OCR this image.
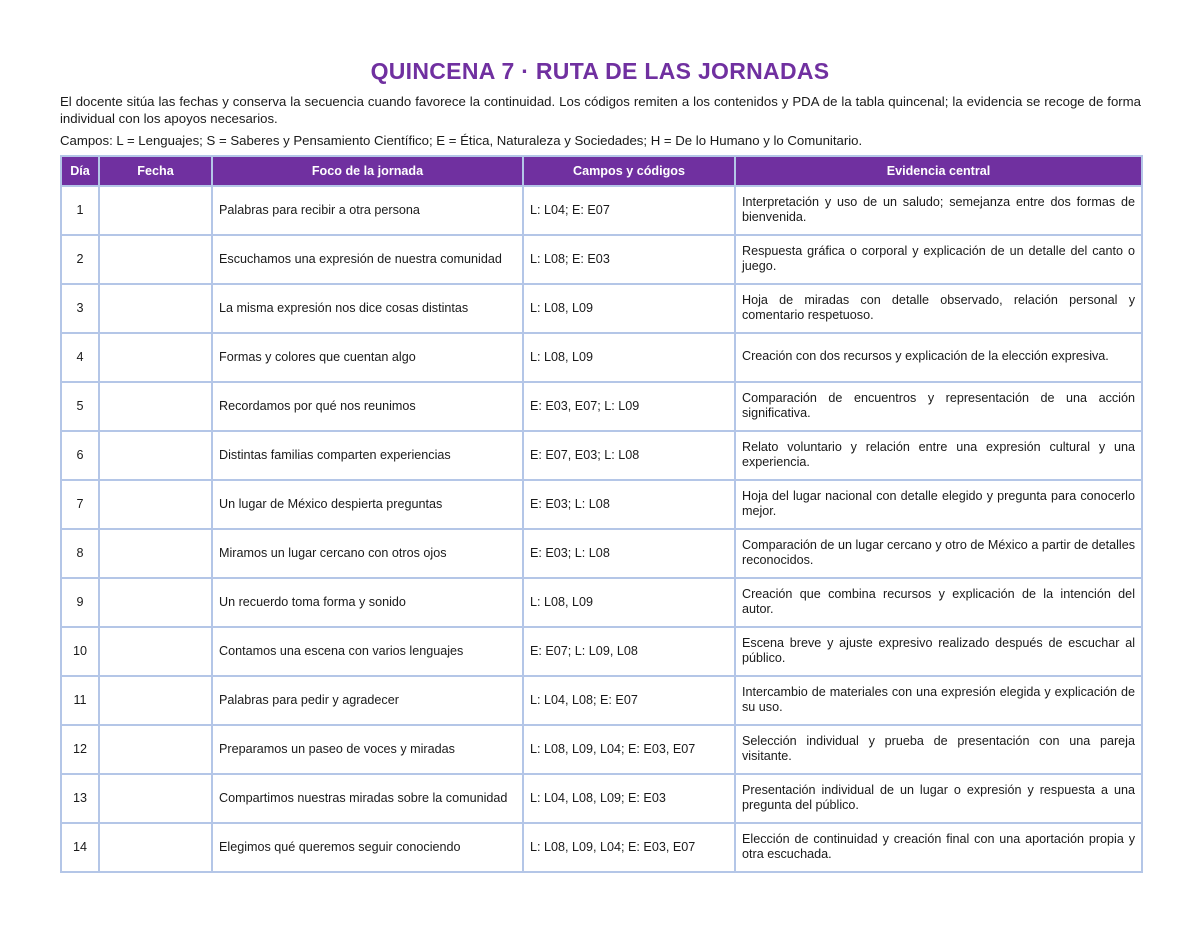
QUINCENA 7 · RUTA DE LAS JORNADAS
El docente sitúa las fechas y conserva la secuencia cuando favorece la continuidad. Los códigos remiten a los contenidos y PDA de la tabla quincenal; la evidencia se recoge de forma individual con los apoyos necesarios.
Campos: L = Lenguajes; S = Saberes y Pensamiento Científico; E = Ética, Naturaleza y Sociedades; H = De lo Humano y lo Comunitario.
Día	Fecha	Foco de la jornada	Campos y códigos	Evidencia central
1		Palabras para recibir a otra persona	L: L04; E: E07	Interpretación y uso de un saludo; semejanza entre dos formas de bienvenida.
2		Escuchamos una expresión de nuestra comunidad	L: L08; E: E03	Respuesta gráfica o corporal y explicación de un detalle del canto o juego.
3		La misma expresión nos dice cosas distintas	L: L08, L09	Hoja de miradas con detalle observado, relación personal y comentario respetuoso.
4		Formas y colores que cuentan algo	L: L08, L09	Creación con dos recursos y explicación de la elección expresiva.
5		Recordamos por qué nos reunimos	E: E03, E07; L: L09	Comparación de encuentros y representación de una acción significativa.
6		Distintas familias comparten experiencias	E: E07, E03; L: L08	Relato voluntario y relación entre una expresión cultural y una experiencia.
7		Un lugar de México despierta preguntas	E: E03; L: L08	Hoja del lugar nacional con detalle elegido y pregunta para conocerlo mejor.
8		Miramos un lugar cercano con otros ojos	E: E03; L: L08	Comparación de un lugar cercano y otro de México a partir de detalles reconocidos.
9		Un recuerdo toma forma y sonido	L: L08, L09	Creación que combina recursos y explicación de la intención del autor.
10		Contamos una escena con varios lenguajes	E: E07; L: L09, L08	Escena breve y ajuste expresivo realizado después de escuchar al público.
11		Palabras para pedir y agradecer	L: L04, L08; E: E07	Intercambio de materiales con una expresión elegida y explicación de su uso.
12		Preparamos un paseo de voces y miradas	L: L08, L09, L04; E: E03, E07	Selección individual y prueba de presentación con una pareja visitante.
13		Compartimos nuestras miradas sobre la comunidad	L: L04, L08, L09; E: E03	Presentación individual de un lugar o expresión y respuesta a una pregunta del público.
14		Elegimos qué queremos seguir conociendo	L: L08, L09, L04; E: E03, E07	Elección de continuidad y creación final con una aportación propia y otra escuchada.
